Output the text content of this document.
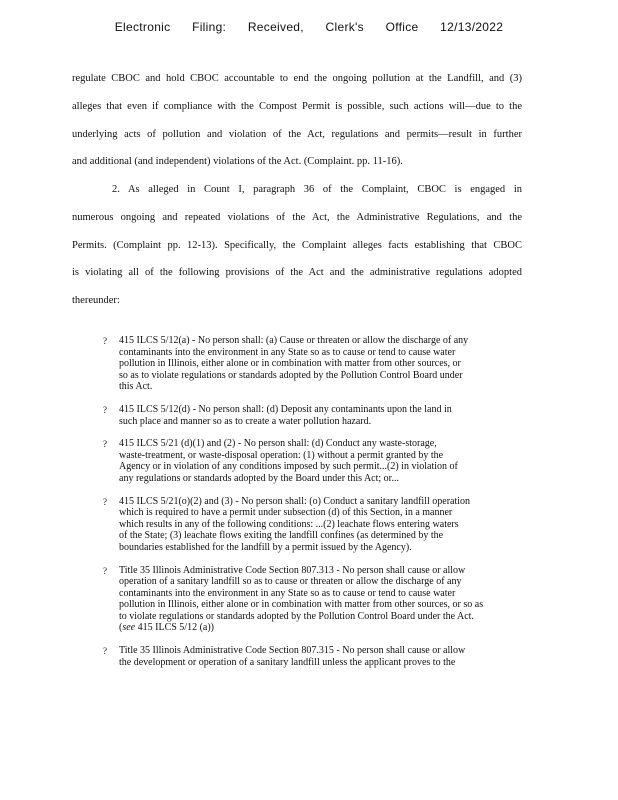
Electronic Filing: Received, Clerk's Office 12/13/2022
regulate CBOC and hold CBOC accountable to end the ongoing pollution at the Landfill, and (3)
alleges that even if compliance with the Compost Permit is possible, such actions will—due to the
underlying acts of pollution and violation of the Act, regulations and permits—result in further
and additional (and independent) violations of the Act. (Complaint. pp. 11-16).
2. As alleged in Count I, paragraph 36 of the Complaint, CBOC is engaged in
numerous ongoing and repeated violations of the Act, the Administrative Regulations, and the
Permits. (Complaint pp. 12-13). Specifically, the Complaint alleges facts establishing that CBOC
is violating all of the following provisions of the Act and the administrative regulations adopted
thereunder:
?	415 ILCS 5/12(a) - No person shall: (a) Cause or threaten or allow the discharge of any
contaminants into the environment in any State so as to cause or tend to cause water
pollution in Illinois, either alone or in combination with matter from other sources, or
so as to violate regulations or standards adopted by the Pollution Control Board under
this Act.
?	415 ILCS 5/12(d) - No person shall: (d) Deposit any contaminants upon the land in
such place and manner so as to create a water pollution hazard.
?	415 ILCS 5/21 (d)(1) and (2) - No person shall: (d) Conduct any waste-storage,
waste-treatment, or waste-disposal operation: (1) without a permit granted by the
Agency or in violation of any conditions imposed by such permit...(2) in violation of
any regulations or standards adopted by the Board under this Act; or...
?	415 ILCS 5/21(o)(2) and (3) - No person shall: (o) Conduct a sanitary landfill operation
which is required to have a permit under subsection (d) of this Section, in a manner
which results in any of the following conditions: ...(2) leachate flows entering waters
of the State; (3) leachate flows exiting the landfill confines (as determined by the
boundaries established for the landfill by a permit issued by the Agency).
?	Title 35 Illinois Administrative Code Section 807.313 - No person shall cause or allow
operation of a sanitary landfill so as to cause or threaten or allow the discharge of any
contaminants into the environment in any State so as to cause or tend to cause water
pollution in Illinois, either alone or in combination with matter from other sources, or so as
to violate regulations or standards adopted by the Pollution Control Board under the Act.
(see 415 ILCS 5/12 (a))
?	Title 35 Illinois Administrative Code Section 807.315 - No person shall cause or allow
the development or operation of a sanitary landfill unless the applicant proves to the
